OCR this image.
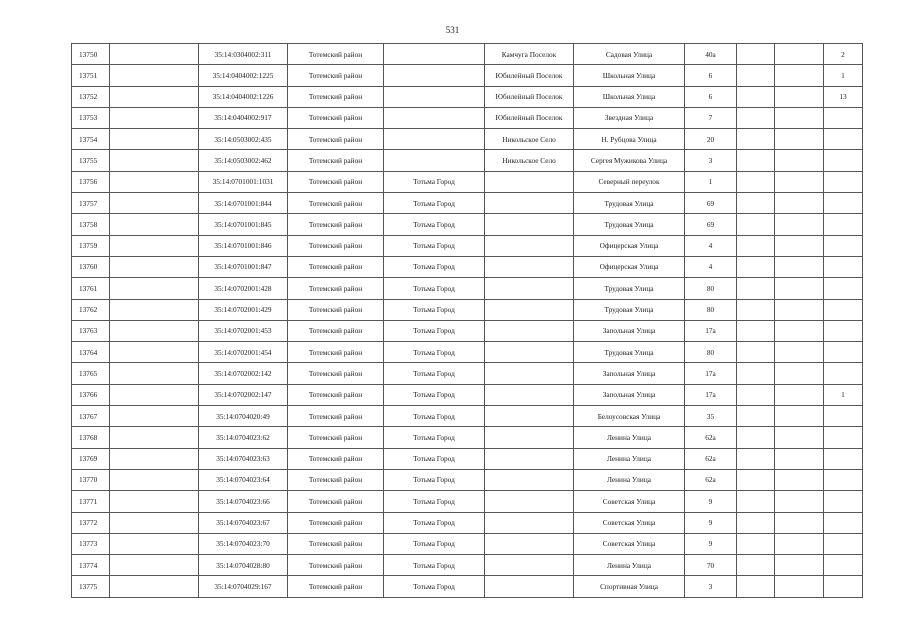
531
13750		35:14:0304002:311	Тотемский район		Камчуга Поселок	Садовая Улица	40а			2
13751		35:14:0404002:1225	Тотемский район		Юбилейный Поселок	Школьная Улица	6			1
13752		35:14:0404002:1226	Тотемский район		Юбилейный Поселок	Школьная Улица	6			13
13753		35:14:0404002:917	Тотемский район		Юбилейный Поселок	Звездная Улица	7			
13754		35:14:0503002:435	Тотемский район		Никольское Село	Н. Рубцова Улица	20			
13755		35:14:0503002:462	Тотемский район		Никольское Село	Сергея Мужикова Улица	3			
13756		35:14:0701001:1031	Тотемский район	Тотьма Город		Северный переулок	1			
13757		35:14:0701001:844	Тотемский район	Тотьма Город		Трудовая Улица	69			
13758		35:14:0701001:845	Тотемский район	Тотьма Город		Трудовая Улица	69			
13759		35:14:0701001:846	Тотемский район	Тотьма Город		Офицерская Улица	4			
13760		35:14:0701001:847	Тотемский район	Тотьма Город		Офицерская Улица	4			
13761		35:14:0702001:428	Тотемский район	Тотьма Город		Трудовая Улица	80			
13762		35:14:0702001:429	Тотемский район	Тотьма Город		Трудовая Улица	80			
13763		35:14:0702001:453	Тотемский район	Тотьма Город		Запольная Улица	17а			
13764		35:14:0702001:454	Тотемский район	Тотьма Город		Трудовая Улица	80			
13765		35:14:0702002:142	Тотемский район	Тотьма Город		Запольная Улица	17а			
13766		35:14:0702002:147	Тотемский район	Тотьма Город		Запольная Улица	17а			1
13767		35:14:0704020:49	Тотемский район	Тотьма Город		Белоусовская Улица	35			
13768		35:14:0704023:62	Тотемский район	Тотьма Город		Ленина Улица	62а			
13769		35:14:0704023:63	Тотемский район	Тотьма Город		Ленина Улица	62а			
13770		35:14:0704023:64	Тотемский район	Тотьма Город		Ленина Улица	62а			
13771		35:14:0704023:66	Тотемский район	Тотьма Город		Советская Улица	9			
13772		35:14:0704023:67	Тотемский район	Тотьма Город		Советская Улица	9			
13773		35:14:0704023:70	Тотемский район	Тотьма Город		Советская Улица	9			
13774		35:14:0704028:80	Тотемский район	Тотьма Город		Ленина Улица	70			
13775		35:14:0704029:167	Тотемский район	Тотьма Город		Спортивная Улица	3			
